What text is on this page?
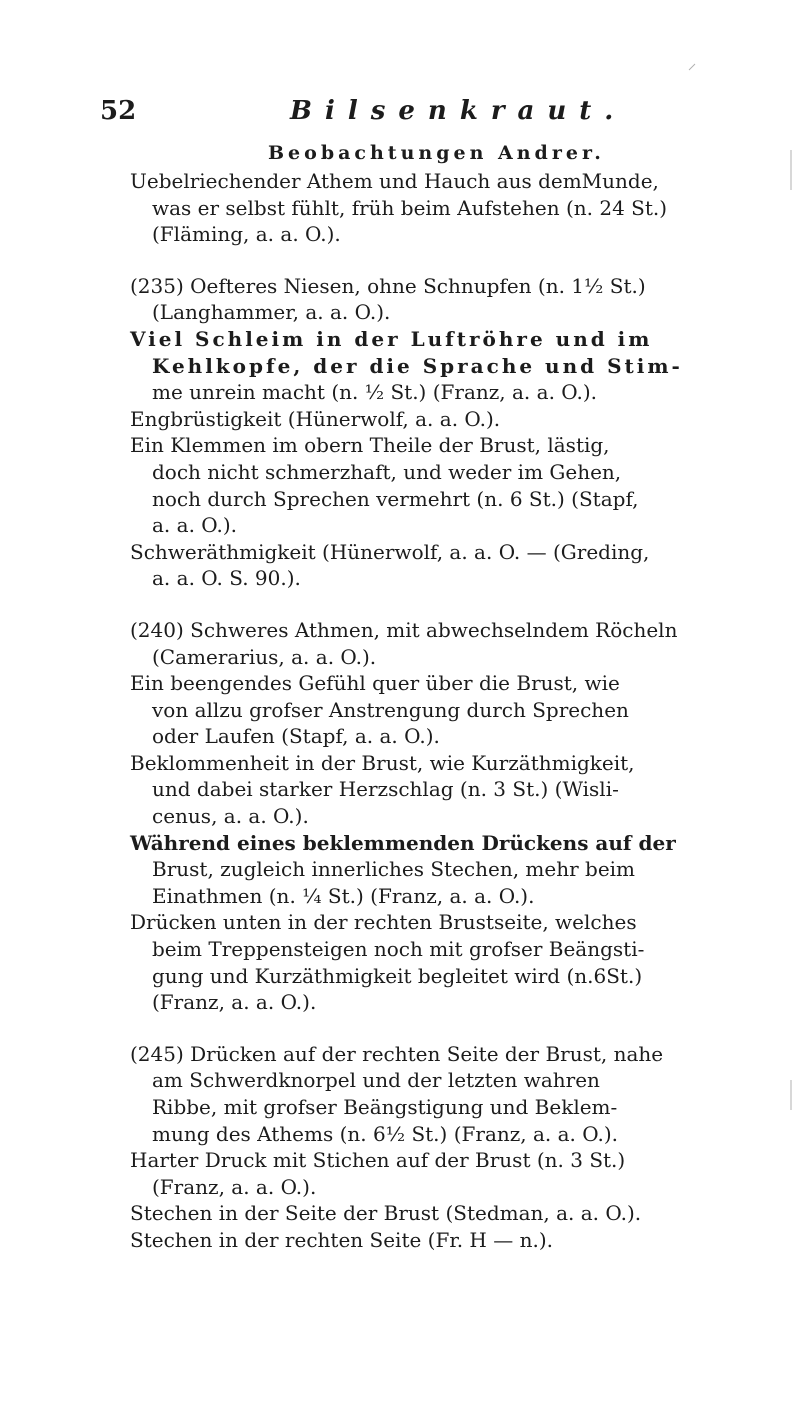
52	Bilsenkraut.
Beobachtungen Andrer.
Uebelriechender Athem und Hauch aus demMunde,
was er selbst fühlt, früh beim Aufstehen (n. 24 St.)
(Fläming, a. a. O.).
(235) Oefteres Niesen, ohne Schnupfen (n. 1½ St.)
(Langhammer, a. a. O.).
Viel Schleim in der Luftröhre und im
Kehlkopfe, der die Sprache und Stim-
me unrein macht (n. ½ St.) (Franz, a. a. O.).
Engbrüstigkeit (Hünerwolf, a. a. O.).
Ein Klemmen im obern Theile der Brust, lästig,
doch nicht schmerzhaft, und weder im Gehen,
noch durch Sprechen vermehrt (n. 6 St.) (Stapf,
a. a. O.).
Schweräthmigkeit (Hünerwolf, a. a. O. — (Greding,
a. a. O. S. 90.).
(240) Schweres Athmen, mit abwechselndem Röcheln
(Camerarius, a. a. O.).
Ein beengendes Gefühl quer über die Brust, wie
von allzu grofser Anstrengung durch Sprechen
oder Laufen (Stapf, a. a. O.).
Beklommenheit in der Brust, wie Kurzäthmigkeit,
und dabei starker Herzschlag (n. 3 St.) (Wisli-
cenus, a. a. O.).
Während eines beklemmenden Drückens auf der
Brust, zugleich innerliches Stechen, mehr beim
Einathmen (n. ¼ St.) (Franz, a. a. O.).
Drücken unten in der rechten Brustseite, welches
beim Treppensteigen noch mit grofser Beängsti-
gung und Kurzäthmigkeit begleitet wird (n.6St.)
(Franz, a. a. O.).
(245) Drücken auf der rechten Seite der Brust, nahe
am Schwerdknorpel und der letzten wahren
Ribbe, mit grofser Beängstigung und Beklem-
mung des Athems (n. 6½ St.) (Franz, a. a. O.).
Harter Druck mit Stichen auf der Brust (n. 3 St.)
(Franz, a. a. O.).
Stechen in der Seite der Brust (Stedman, a. a. O.).
Stechen in der rechten Seite (Fr. H — n.).
